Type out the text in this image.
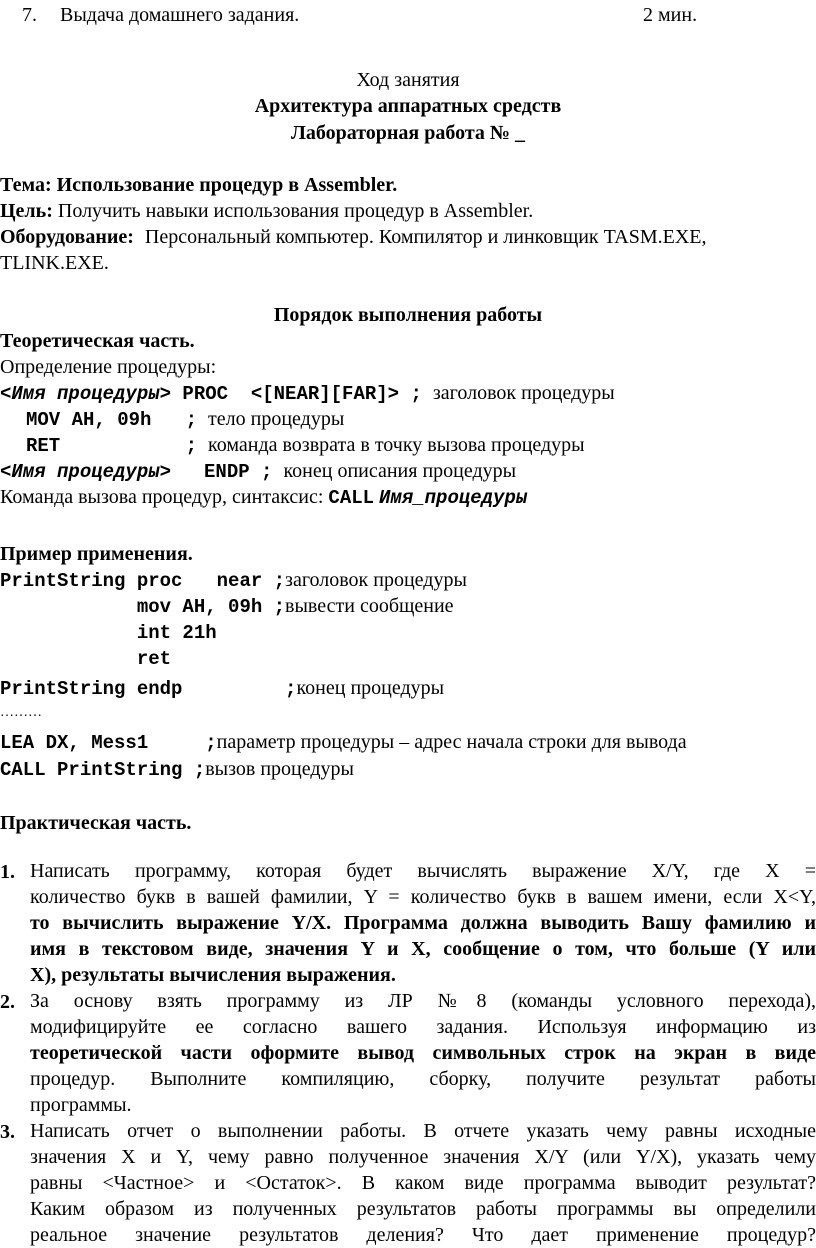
7. Выдача домашнего задания.	2 мин.
Ход занятия
Архитектура аппаратных средств
Лабораторная работа № _
Тема: Использование процедур в Assembler.
Цель: Получить навыки использования процедур в Assembler.
Оборудование: Персональный компьютер. Компилятор и линковщик TASM.EXE,
TLINK.EXE.
Порядок выполнения работы
Теоретическая часть.
Определение процедуры:
<Имя процедуры> PROC  <[NEAR][FAR]> ; заголовок процедуры
MOV AH, 09h   ; тело процедуры
RET           ; команда возврата в точку вызова процедуры
<Имя процедуры> ENDP ; конец описания процедуры
Команда вызова процедур, синтаксис: CALL Имя_процедуры
Пример применения.
PrintString proc   near ;заголовок процедуры
mov AH, 09h ;вывести сообщение
int 21h
ret
PrintString endp         ;конец процедуры
………
LEA DX, Mess1     ;параметр процедуры – адрес начала строки для вывода
CALL PrintString ;вызов процедуры
Практическая часть.
1. Написать программу, которая будет вычислять выражение X/Y, где X =
количество букв в вашей фамилии, Y = количество букв в вашем имени, если X<Y,
то вычислить выражение Y/X. Программа должна выводить Вашу фамилию и
имя в текстовом виде, значения Y и X, сообщение о том, что больше (Y или
X), результаты вычисления выражения.
2. За основу взять программу из ЛР №8 (команды условного перехода),
модифицируйте ее согласно вашего задания. Используя информацию из
теоретической части оформите вывод символьных строк на экран в виде
процедур. Выполните компиляцию, сборку, получите результат работы
программы.
3. Написать отчет о выполнении работы. В отчете указать чему равны исходные
значения X и Y, чему равно полученное значения X/Y (или Y/X), указать чему
равны <Частное> и <Остаток>. В каком виде программа выводит результат?
Каким образом из полученных результатов работы программы вы определили
реальное значение результатов деления? Что дает применение процедур?
